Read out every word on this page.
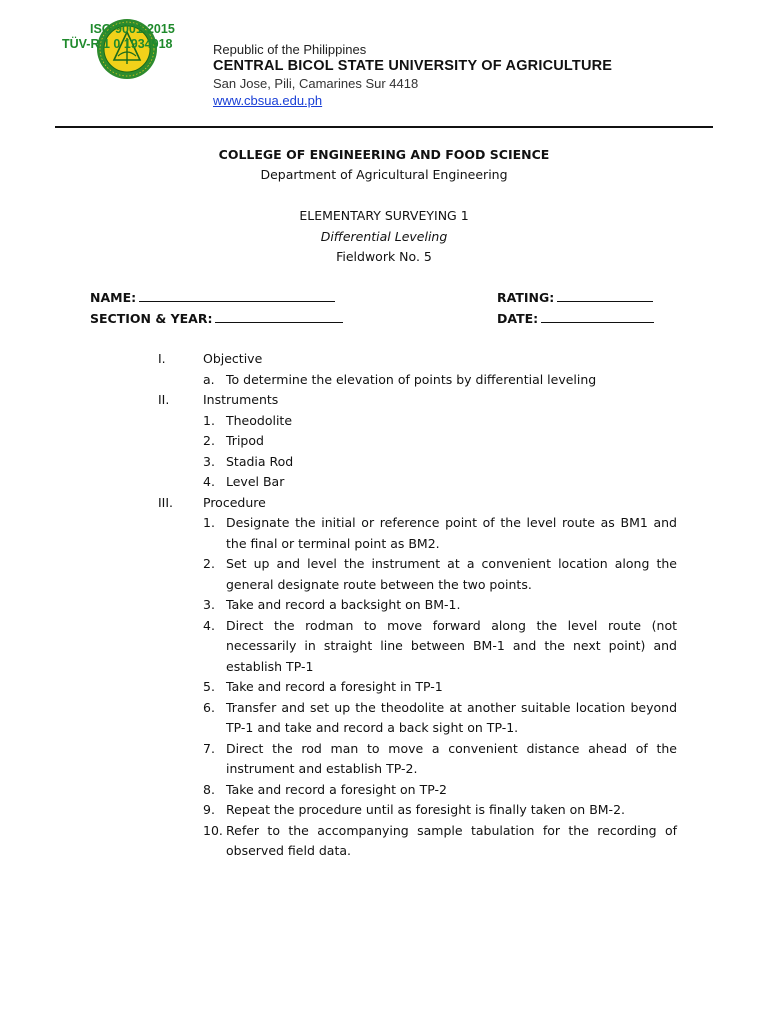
ISO 9001:2015
TÜV-R 1 0 1934918	Republic of the Philippines
CENTRAL BICOL STATE UNIVERSITY OF AGRICULTURE
San Jose, Pili, Camarines Sur 4418
www.cbsua.edu.ph
COLLEGE OF ENGINEERING AND FOOD SCIENCE
Department of Agricultural Engineering
ELEMENTARY SURVEYING 1
Differential Leveling
Fieldwork No. 5
NAME:
SECTION & YEAR:
RATING:
DATE:
I.	Objective
a. To determine the elevation of points by differential leveling
II.	Instruments
1. Theodolite
2. Tripod
3. Stadia Rod
4. Level Bar
III. Procedure
1. Designate the initial or reference point of the level route as BM1 and the final or terminal point as BM2.
2. Set up and level the instrument at a convenient location along the general designate route between the two points.
3. Take and record a backsight on BM-1.
4. Direct the rodman to move forward along the level route (not necessarily in straight line between BM-1 and the next point) and establish TP-1
5. Take and record a foresight in TP-1
6. Transfer and set up the theodolite at another suitable location beyond TP-1 and take and record a back sight on TP-1.
7. Direct the rod man to move a convenient distance ahead of the instrument and establish TP-2.
8. Take and record a foresight on TP-2
9. Repeat the procedure until as foresight is finally taken on BM-2.
10. Refer to the accompanying sample tabulation for the recording of observed field data.
